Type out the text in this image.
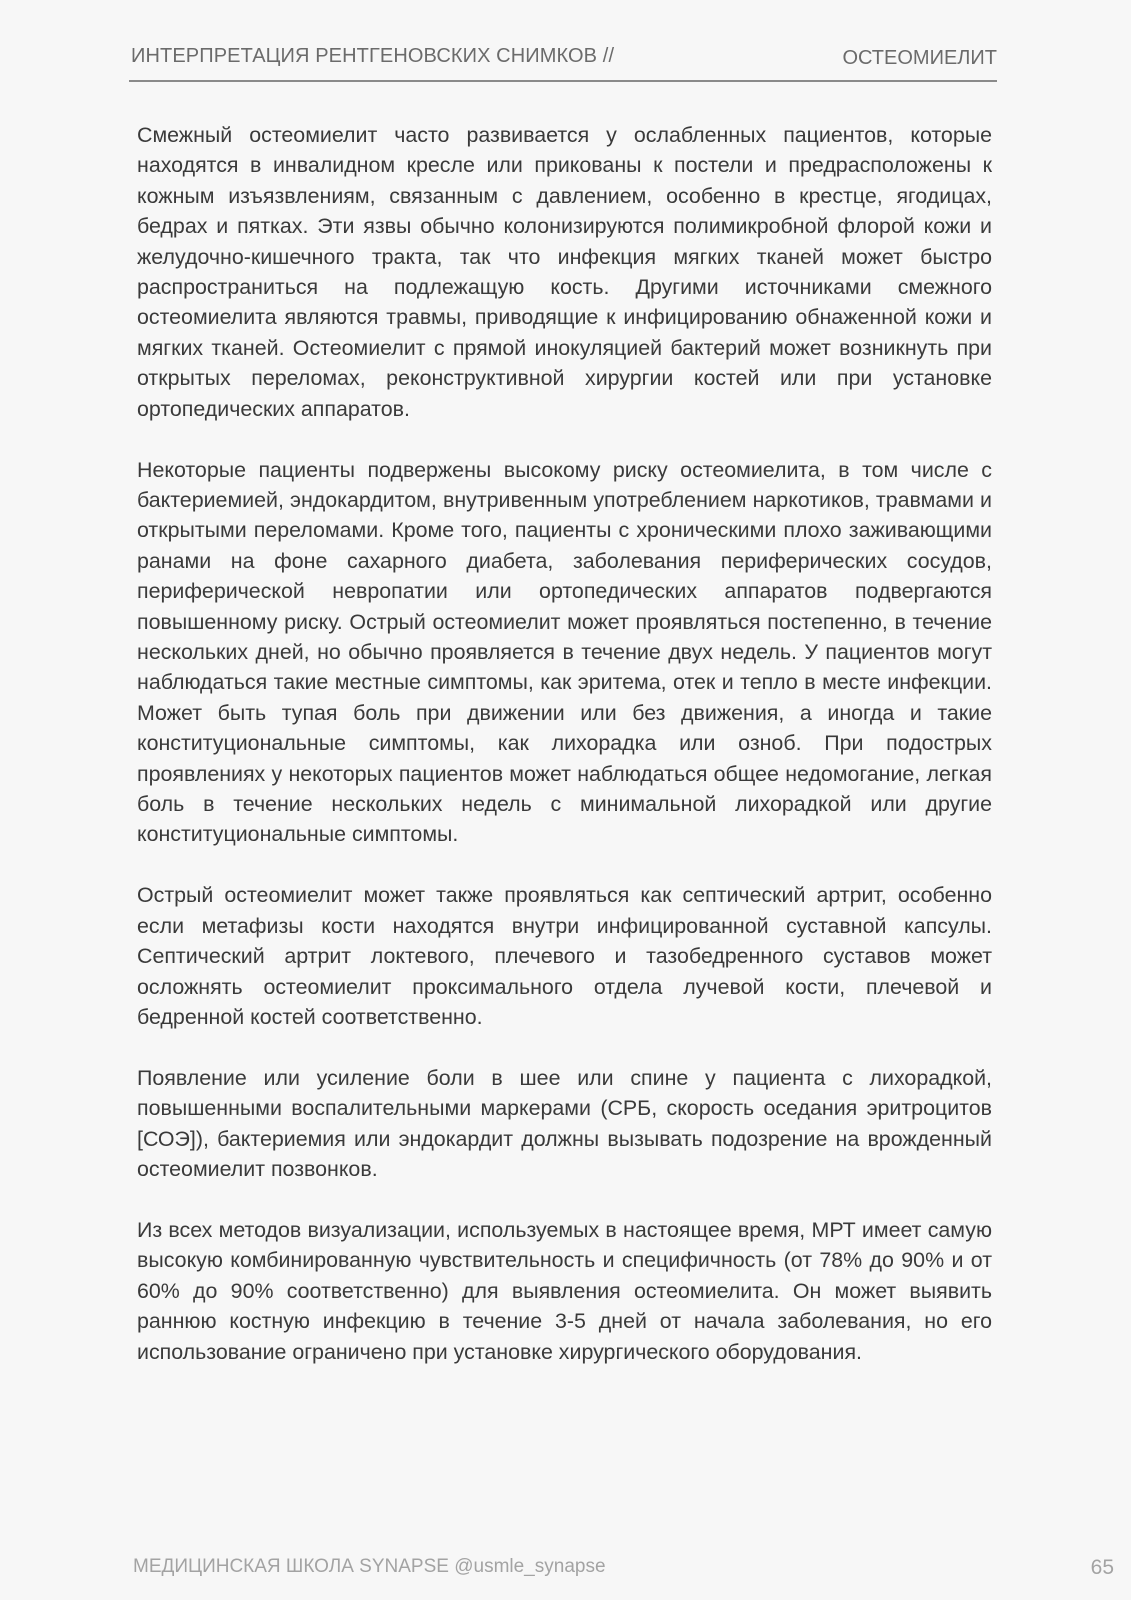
ИНТЕРПРЕТАЦИЯ РЕНТГЕНОВСКИХ СНИМКОВ //	ОСТЕОМИЕЛИТ

Смежный остеомиелит часто развивается у ослабленных пациентов, которые находятся в инвалидном кресле или прикованы к постели и предрасположены к кожным изъязвлениям, связанным с давлением, особенно в крестце, ягодицах, бедрах и пятках. Эти язвы обычно колонизируются полимикробной флорой кожи и желудочно-кишечного тракта, так что инфекция мягких тканей может быстро распространиться на подлежащую кость. Другими источниками смежного остеомиелита являются травмы, приводящие к инфицированию обнаженной кожи и мягких тканей. Остеомиелит с прямой инокуляцией бактерий может возникнуть при открытых переломах, реконструктивной хирургии костей или при установке ортопедических аппаратов.

Некоторые пациенты подвержены высокому риску остеомиелита, в том числе с бактериемией, эндокардитом, внутривенным употреблением наркотиков, травмами и открытыми переломами. Кроме того, пациенты с хроническими плохо заживающими ранами на фоне сахарного диабета, заболевания периферических сосудов, периферической невропатии или ортопедических аппаратов подвергаются повышенному риску. Острый остеомиелит может проявляться постепенно, в течение нескольких дней, но обычно проявляется в течение двух недель. У пациентов могут наблюдаться такие местные симптомы, как эритема, отек и тепло в месте инфекции. Может быть тупая боль при движении или без движения, а иногда и такие конституциональные симптомы, как лихорадка или озноб. При подострых проявлениях у некоторых пациентов может наблюдаться общее недомогание, легкая боль в течение нескольких недель с минимальной лихорадкой или другие конституциональные симптомы.

Острый остеомиелит может также проявляться как септический артрит, особенно если метафизы кости находятся внутри инфицированной суставной капсулы. Септический артрит локтевого, плечевого и тазобедренного суставов может осложнять остеомиелит проксимального отдела лучевой кости, плечевой и бедренной костей соответственно.

Появление или усиление боли в шее или спине у пациента с лихорадкой, повышенными воспалительными маркерами (СРБ, скорость оседания эритроцитов [СОЭ]), бактериемия или эндокардит должны вызывать подозрение на врожденный остеомиелит позвонков.

Из всех методов визуализации, используемых в настоящее время, МРТ имеет самую высокую комбинированную чувствительность и специфичность (от 78% до 90% и от 60% до 90% соответственно) для выявления остеомиелита. Он может выявить раннюю костную инфекцию в течение 3-5 дней от начала заболевания, но его использование ограничено при установке хирургического оборудования.

МЕДИЦИНСКАЯ ШКОЛА SYNAPSE @usmle_synapse	65
